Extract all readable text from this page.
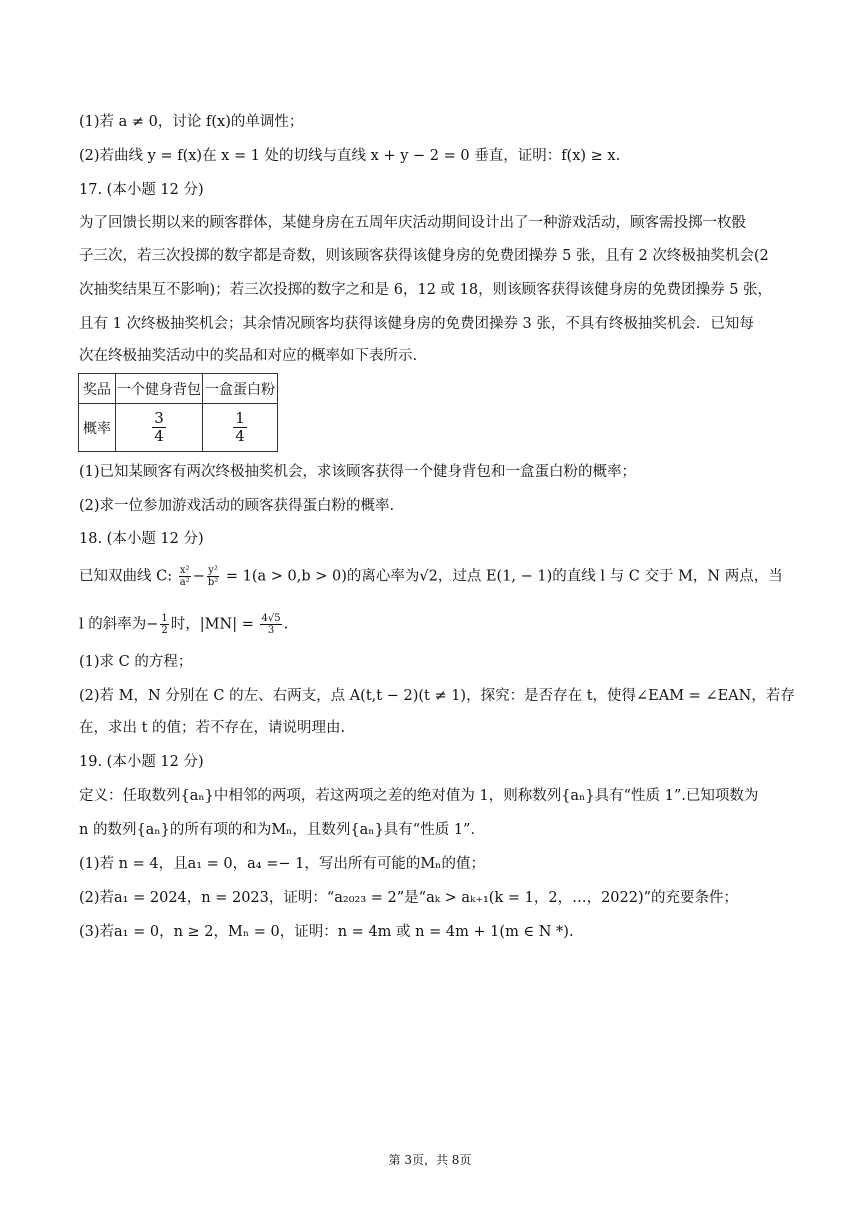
(1)若 a ≠ 0，讨论 f(x)的单调性；
(2)若曲线 y = f(x)在 x = 1 处的切线与直线 x + y − 2 = 0 垂直，证明：f(x) ≥ x.
17. (本小题 12 分)
为了回馈长期以来的顾客群体，某健身房在五周年庆活动期间设计出了一种游戏活动，顾客需投掷一枚骰
子三次，若三次投掷的数字都是奇数，则该顾客获得该健身房的免费团操券 5 张，且有 2 次终极抽奖机会(2
次抽奖结果互不影响)；若三次投掷的数字之和是 6，12 或 18，则该顾客获得该健身房的免费团操券 5 张，
且有 1 次终极抽奖机会；其余情况顾客均获得该健身房的免费团操券 3 张，不具有终极抽奖机会．已知每
次在终极抽奖活动中的奖品和对应的概率如下表所示.
奖品	一个健身背包	一盒蛋白粉
概率	$\frac{3}{4}$	$\frac{1}{4}$
(1)已知某顾客有两次终极抽奖机会，求该顾客获得一个健身背包和一盒蛋白粉的概率；
(2)求一位参加游戏活动的顾客获得蛋白粉的概率.
18. (本小题 12 分)
已知双曲线 C: $\frac{\text{x²}}{\text{a²}} - \frac{\text{y²}}{\text{b²}} = 1(a > 0,b > 0)$的离心率为√2，过点 E(1, − 1)的直线 l 与 C 交于 M，N 两点，当
l 的斜率为− $\frac{1}{2}$ 时，$|MN| = \frac{4√5}{3}$ .
(1)求 C 的方程；
(2)若 M，N 分别在 C 的左、右两支，点 A(t,t − 2)(t ≠ 1)，探究：是否存在 t，使得∠EAM = ∠EAN，若存
在，求出 t 的值；若不存在，请说明理由.
19. (本小题 12 分)
定义：任取数列{aₙ}中相邻的两项，若这两项之差的绝对值为 1，则称数列{aₙ}具有“性质 1”.已知项数为
n 的数列{aₙ}的所有项的和为Mₙ，且数列{aₙ}具有“性质 1”．
(1)若 n = 4，且a₁ = 0，a₄ =− 1，写出所有可能的Mₙ的值；
(2)若a₁ = 2024，n = 2023，证明：“a₂₀₂₃ = 2”是“aₖ > aₖ₊₁(k = 1，2，…，2022)”的充要条件；
(3)若a₁ = 0，n ≥ 2，Mₙ = 0，证明：n = 4m 或 n = 4m + 1(m ∈ N *).
第 3页，共 8页
